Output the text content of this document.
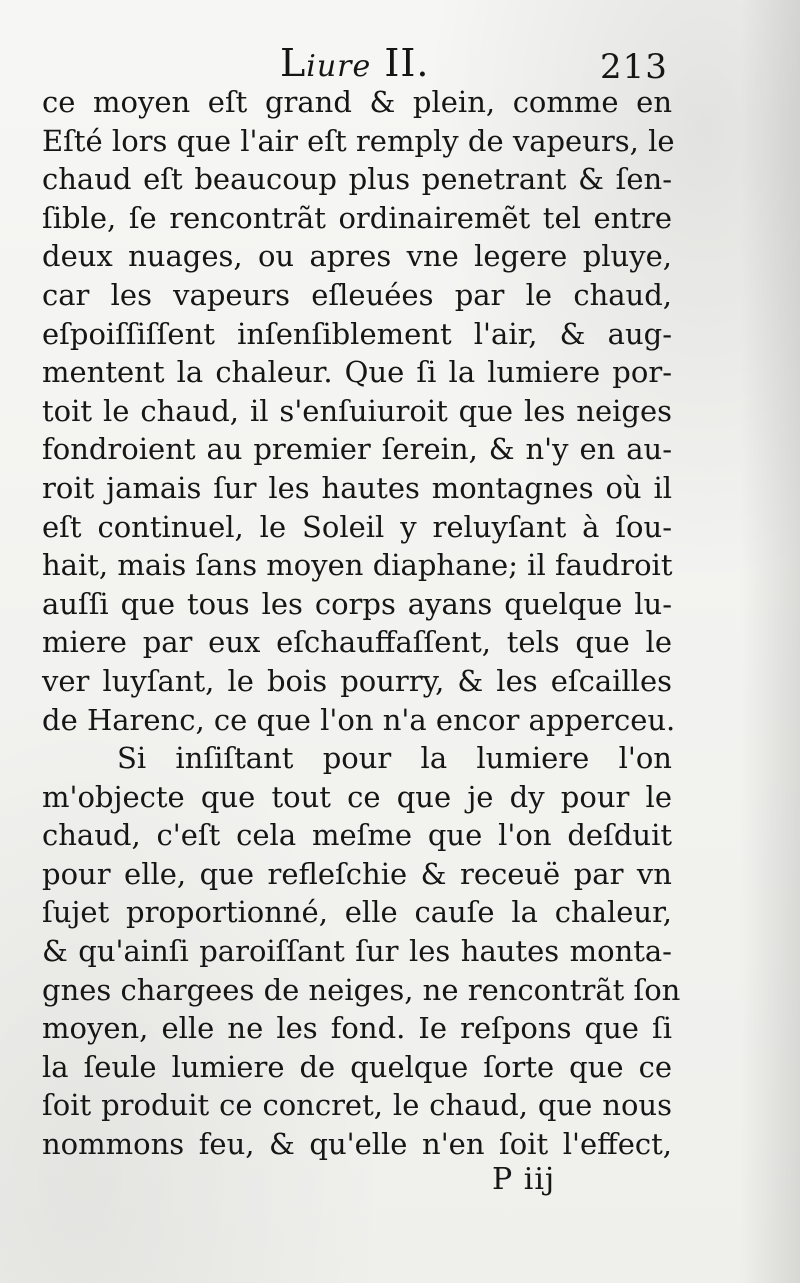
Liure II.	213
ce moyen eſt grand & plein, comme en
Eſté lors que l'air eſt remply de vapeurs, le
chaud eſt beaucoup plus penetrant & ſen-
ſible, ſe rencontrãt ordinairemẽt tel entre
deux nuages, ou apres vne legere pluye,
car les vapeurs eſleuées par le chaud,
eſpoiſſiſſent inſenſiblement l'air, & aug-
mentent la chaleur. Que ſi la lumiere por-
toit le chaud, il s'enſuiuroit que les neiges
fondroient au premier ſerein, & n'y en au-
roit jamais ſur les hautes montagnes où il
eſt continuel, le Soleil y reluyſant à ſou-
hait, mais ſans moyen diaphane; il faudroit
auſſi que tous les corps ayans quelque lu-
miere par eux eſchauffaſſent, tels que le
ver luyſant, le bois pourry, & les eſcailles
de Harenc, ce que l'on n'a encor apperceu.
Si inſiſtant pour la lumiere l'on
m'objecte que tout ce que je dy pour le
chaud, c'eſt cela meſme que l'on deſduit
pour elle, que refleſchie & receuë par vn
ſujet proportionné, elle cauſe la chaleur,
& qu'ainſi paroiſſant ſur les hautes monta-
gnes chargees de neiges, ne rencontrãt ſon
moyen, elle ne les fond. Ie reſpons que ſi
la ſeule lumiere de quelque ſorte que ce
ſoit produit ce concret, le chaud, que nous
nommons feu, & qu'elle n'en ſoit l'effect,
P iij
